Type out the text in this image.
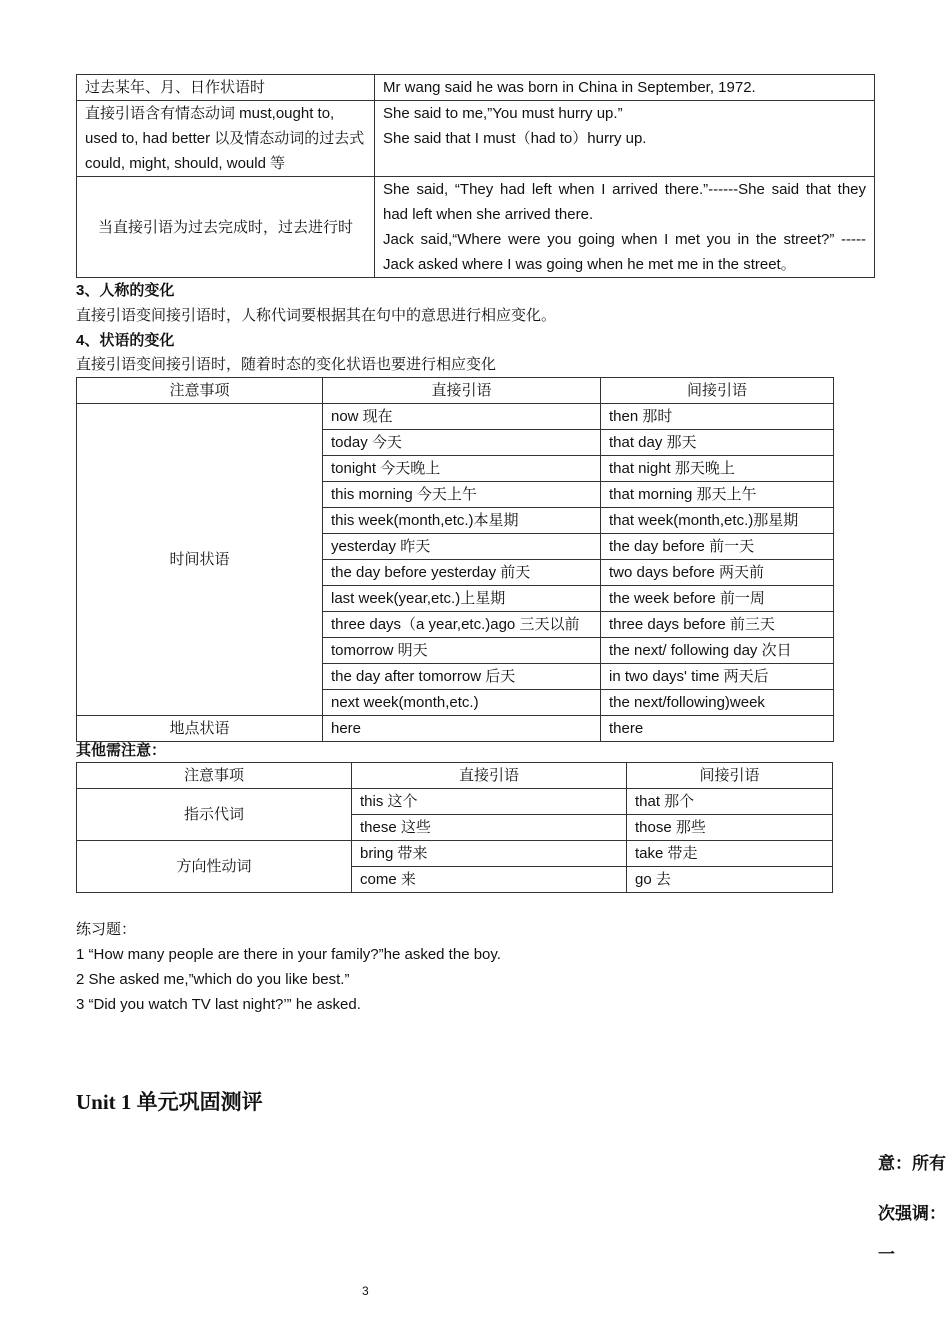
过去某年、月、日作状语时	Mr wang said he was born in China in September, 1972.

直接引语含有情态动词 must,ought to, used to, had better 以及情态动词的过去式 could, might, should, would 等	She said to me,”You must hurry up.”
She said that I must（had to）hurry up.

当直接引语为过去完成时，过去进行时	She said, “They had left when I arrived there.”------She said that they had left when she arrived there.
Jack said,“Where were you going when I met you in the street?” -----Jack asked where I was going when he met me in the street。
3、人称的变化
直接引语变间接引语时，人称代词要根据其在句中的意思进行相应变化。
4、状语的变化
直接引语变间接引语时，随着时态的变化状语也要进行相应变化
注意事项	直接引语	间接引语
时间状语	now 现在	then 那时
	today 今天	that day 那天
	tonight 今天晚上	that night 那天晚上
	this morning 今天上午	that morning 那天上午
	this week(month,etc.)本星期	that week(month,etc.)那星期
	yesterday 昨天	the day before 前一天
	the day before yesterday 前天	two days before 两天前
	last week(year,etc.)上星期	the week before 前一周
	three days（a year,etc.)ago 三天以前	three days before 前三天
	tomorrow 明天	the next/ following day 次日
	the day after tomorrow 后天	in two days' time 两天后
	next week(month,etc.)	the next/following)week
地点状语	here	there
其他需注意：
注意事项	直接引语	间接引语
指示代词	this 这个	that 那个
	these 这些	those 那些
方向性动词	bring 带来	take 带走
	come 来	go 去
练习题：
1 “How many people are there in your family?”he asked the boy.
2 She asked me,”which do you like best.”
3 “Did you watch TV last night?’” he asked.
Unit 1 单元巩固测评
意：所有
次强调：
一
3
